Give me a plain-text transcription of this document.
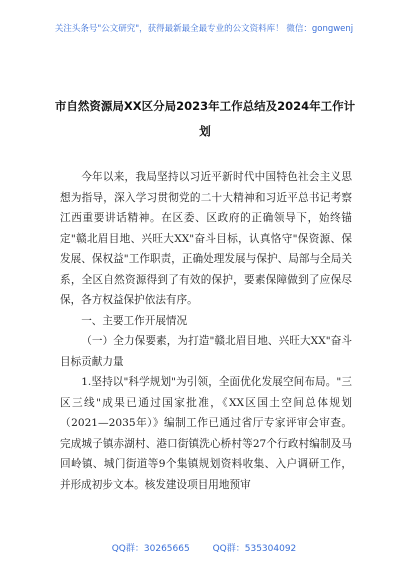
关注头条号"公文研究"，获得最新最全最专业的公文资料库！ 微信：gongwenj
市自然资源局XX区分局2023年工作总结及2024年工作计
划

今年以来，我局坚持以习近平新时代中国特色社会主义思想为指导，深入学习贯彻党的二十大精神和习近平总书记考察江西重要讲话精神。在区委、区政府的正确领导下，始终锚定"赣北眉目地、兴旺大XX"奋斗目标，认真恪守"保资源、保发展、保权益"工作职责，正确处理发展与保护、局部与全局关系，全区自然资源得到了有效的保护，要素保障做到了应保尽保，各方权益保护依法有序。

一、主要工作开展情况

（一）全力保要素，为打造"赣北眉目地、兴旺大XX"奋斗目标贡献力量

1.坚持以"科学规划"为引领，全面优化发展空间布局。"三区三线"成果已通过国家批准，《XX区国土空间总体规划（2021—2035年）》编制工作已通过省厅专家评审会审查。完成城子镇赤湖村、港口街镇洗心桥村等27个行政村编制及马回岭镇、城门街道等9个集镇规划资料收集、入户调研工作，并形成初步文本。核发建设项目用地预审

QQ群：30265665	QQ群：535304092
